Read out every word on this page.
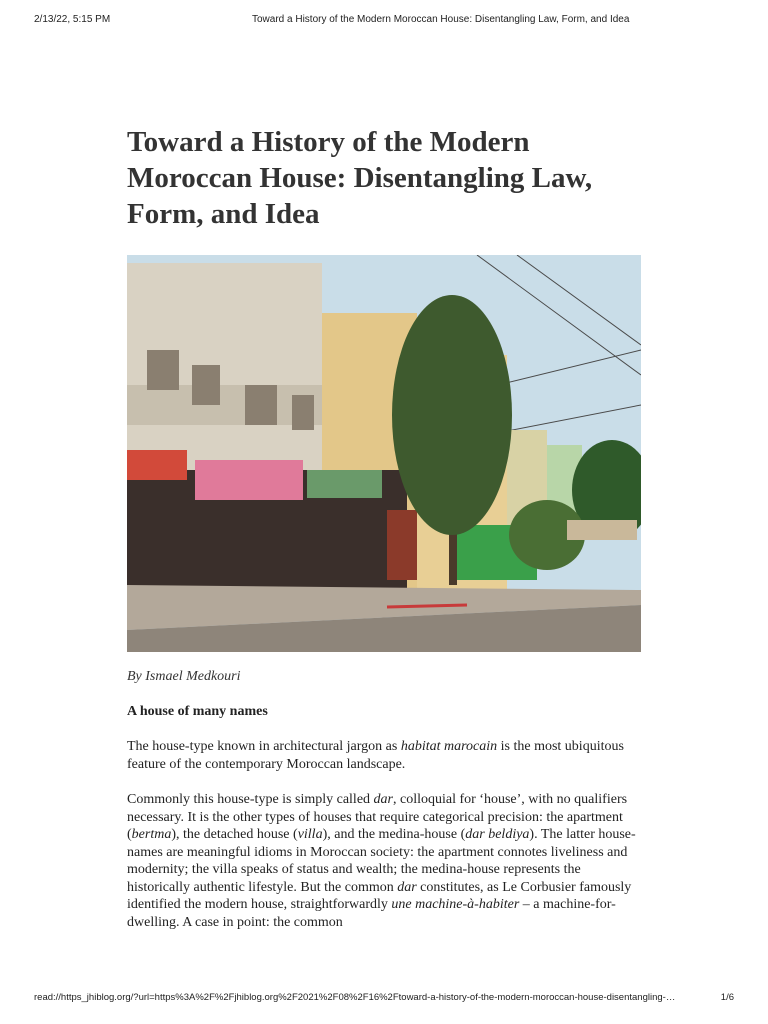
2/13/22, 5:15 PM	Toward a History of the Modern Moroccan House: Disentangling Law, Form, and Idea
Toward a History of the Modern Moroccan House: Disentangling Law, Form, and Idea
By Ismael Medkouri
A house of many names
The house-type known in architectural jargon as habitat marocain is the most ubiquitous feature of the contemporary Moroccan landscape.
Commonly this house-type is simply called dar, colloquial for ‘house’, with no qualifiers necessary. It is the other types of houses that require categorical precision: the apartment (bertma), the detached house (villa), and the medina-house (dar beldiya). The latter house-names are meaningful idioms in Moroccan society: the apartment connotes liveliness and modernity; the villa speaks of status and wealth; the medina-house represents the historically authentic lifestyle. But the common dar constitutes, as Le Corbusier famously identified the modern house, straightforwardly une machine-à-habiter – a machine-for-dwelling. A case in point: the common
read://https_jhiblog.org/?url=https%3A%2F%2Fjhiblog.org%2F2021%2F08%2F16%2Ftoward-a-history-of-the-modern-moroccan-house-disentangling-…	1/6
